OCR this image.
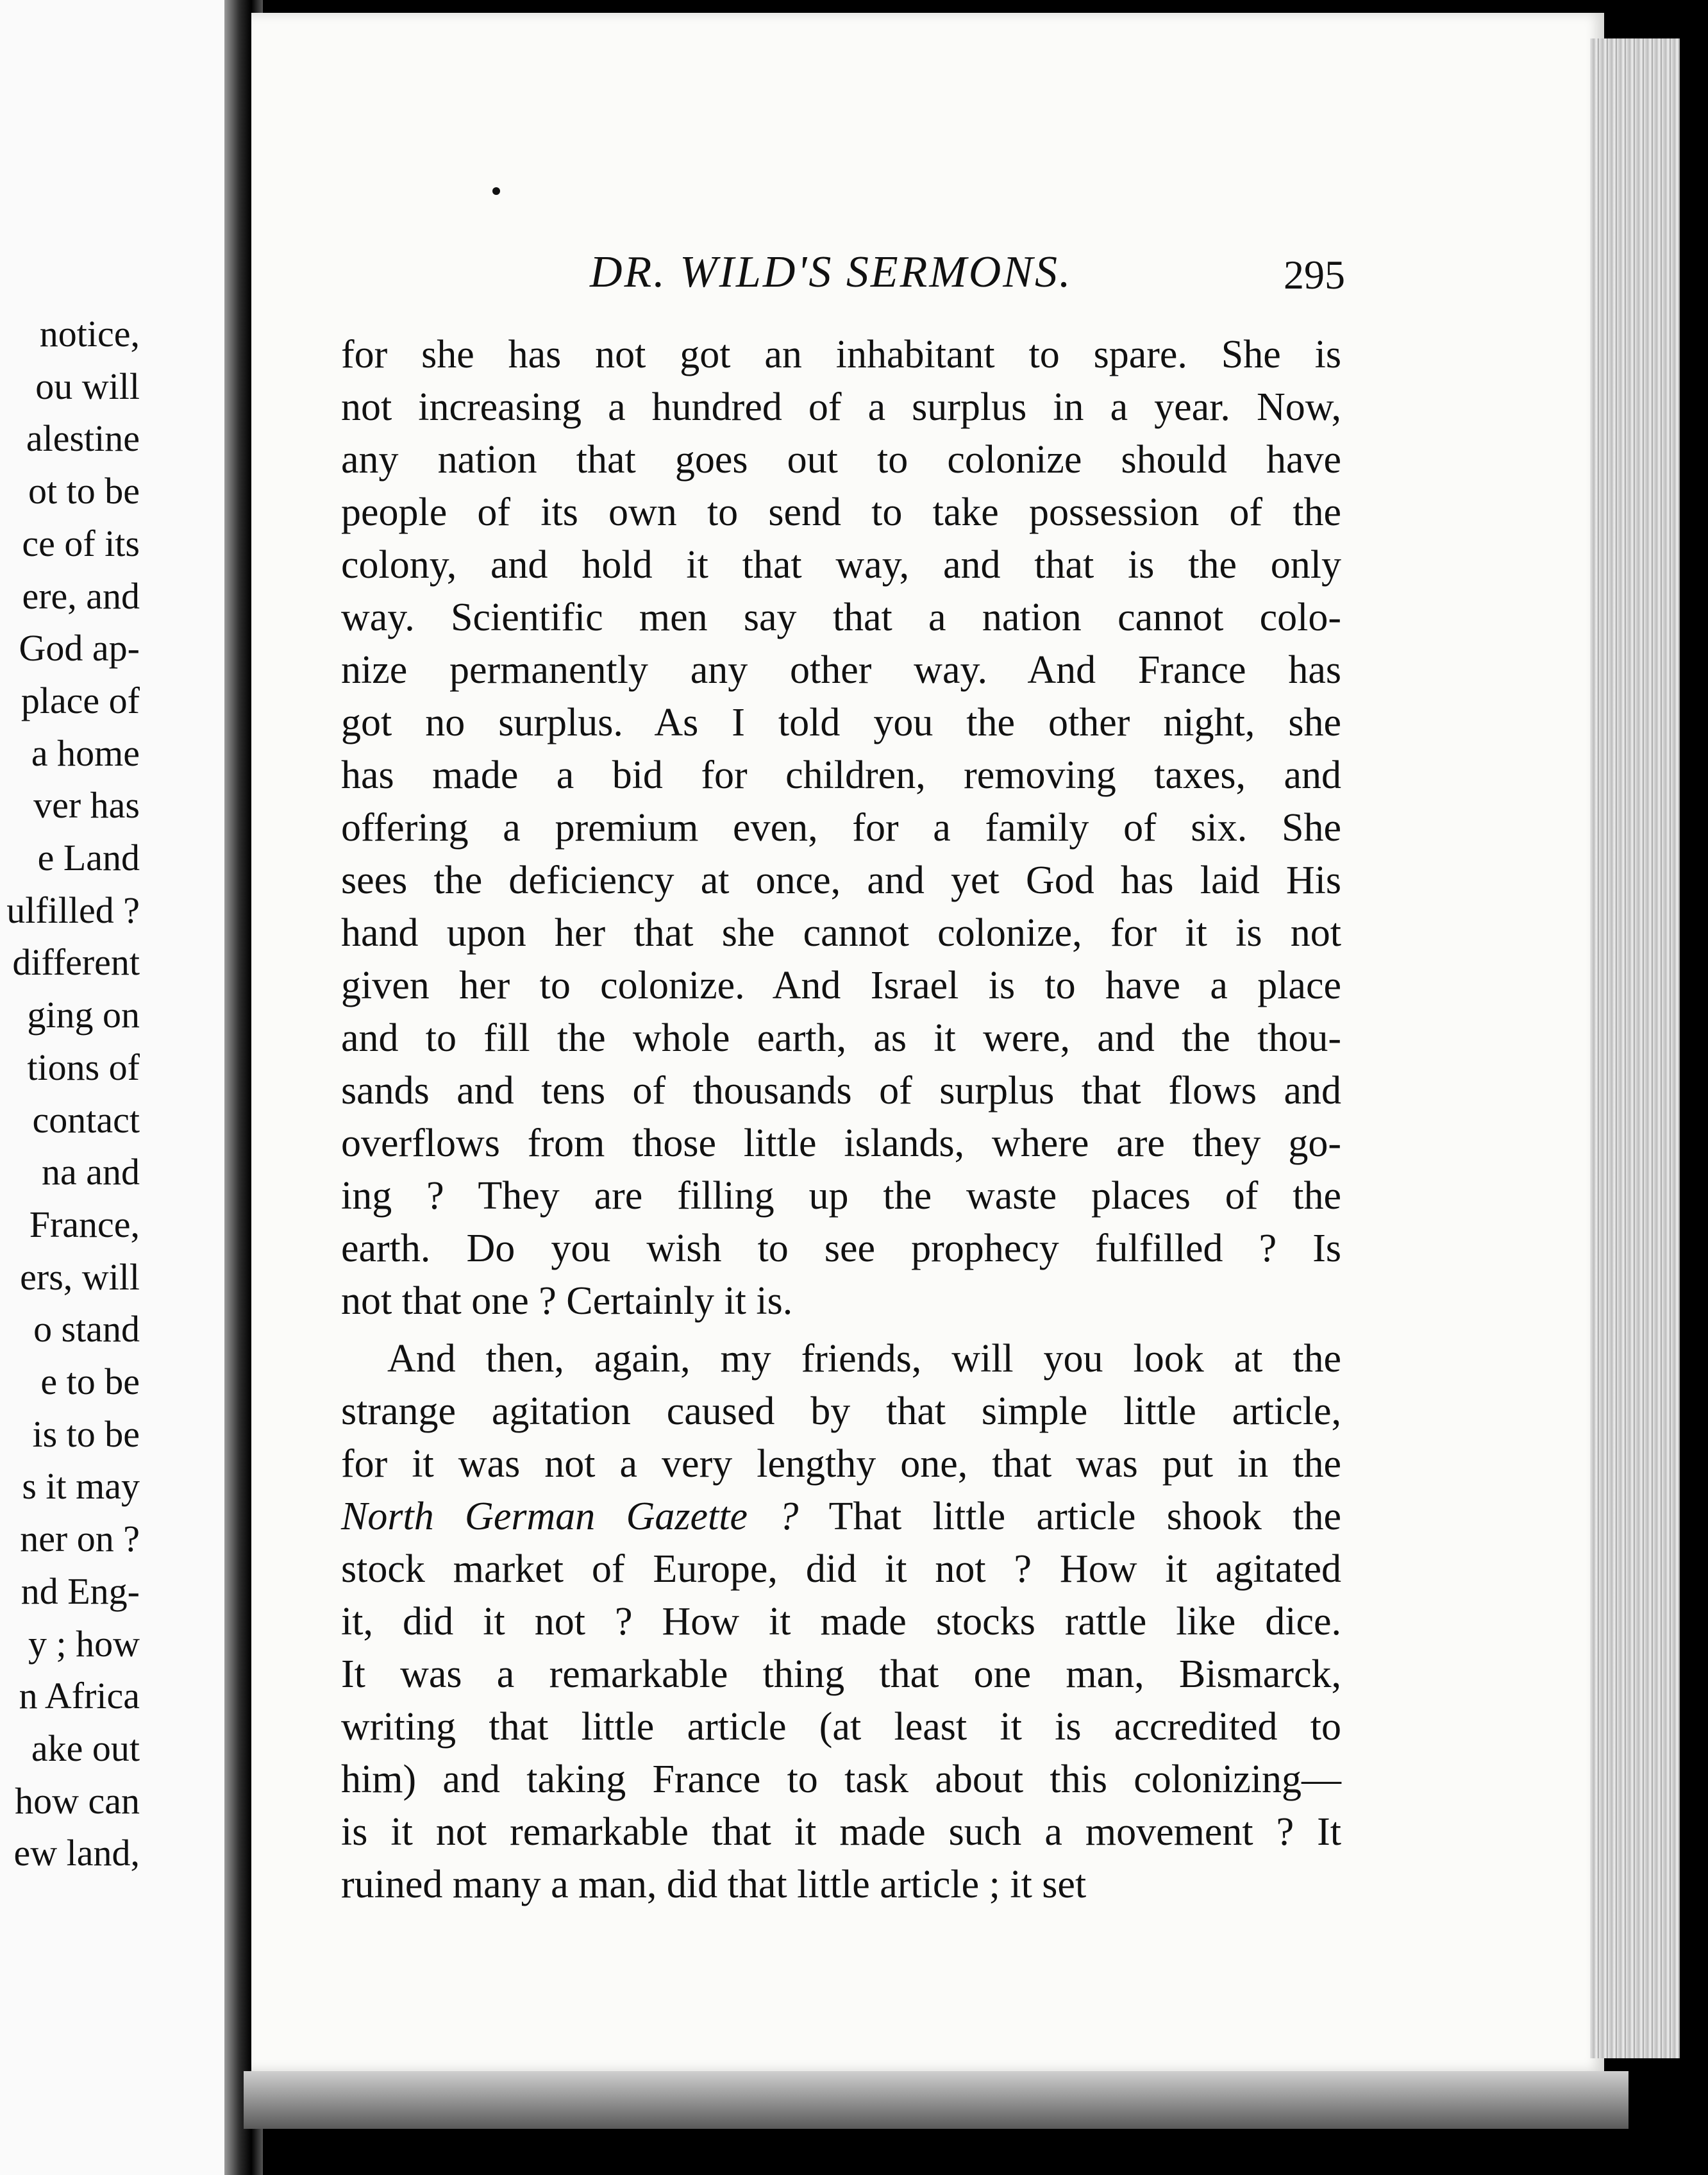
notice,
ou will
alestine
ot to be
ce of its
ere, and
God ap-
place of
a home
ver has
e Land
ulfilled ?
different
ging on
tions of
contact
na and
France,
ers, will
o stand
e to be
is to be
s it may
ner on ?
nd Eng-
y ; how
n Africa
ake out
how can
ew land,
DR. WILD'S SERMONS.	295
for she has not got an inhabitant to spare. She is
not increasing a hundred of a surplus in a year. Now,
any nation that goes out to colonize should have
people of its own to send to take possession of the
colony, and hold it that way, and that is the only
way. Scientific men say that a nation cannot colo-
nize permanently any other way. And France has
got no surplus. As I told you the other night, she
has made a bid for children, removing taxes, and
offering a premium even, for a family of six. She
sees the deficiency at once, and yet God has laid His
hand upon her that she cannot colonize, for it is not
given her to colonize. And Israel is to have a place
and to fill the whole earth, as it were, and the thou-
sands and tens of thousands of surplus that flows and
overflows from those little islands, where are they go-
ing ? They are filling up the waste places of the
earth. Do you wish to see prophecy fulfilled ? Is
not that one ? Certainly it is.
And then, again, my friends, will you look at the
strange agitation caused by that simple little article,
for it was not a very lengthy one, that was put in the
North German Gazette ? That little article shook the
stock market of Europe, did it not ? How it agitated
it, did it not ? How it made stocks rattle like dice.
It was a remarkable thing that one man, Bismarck,
writing that little article (at least it is accredited to
him) and taking France to task about this colonizing—
is it not remarkable that it made such a movement ? It
ruined many a man, did that little article ; it set
